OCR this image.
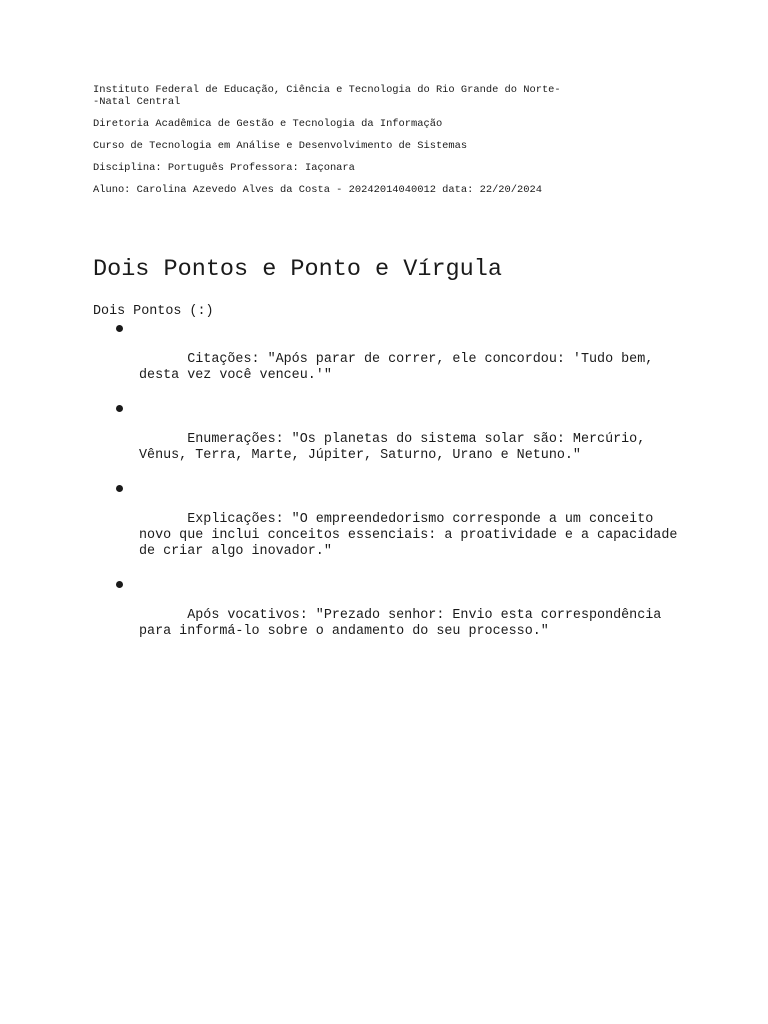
Instituto Federal de Educação, Ciência e Tecnologia do Rio Grande do Norte-

-Natal Central

Diretoria Acadêmica de Gestão e Tecnologia da Informação

Curso de Tecnologia em Análise e Desenvolvimento de Sistemas

Disciplina: Português Professora: Iaçonara

Aluno: Carolina Azevedo Alves da Costa - 20242014040012 data: 22/20/2024

Dois Pontos e Ponto e Vírgula

Dois Pontos (:)

Citações: "Após parar de correr, ele concordou: 'Tudo bem, desta vez você venceu.'"

Enumerações: "Os planetas do sistema solar são: Mercúrio, Vênus, Terra, Marte, Júpiter, Saturno, Urano e Netuno."

Explicações: "O empreendedorismo corresponde a um conceito novo que inclui conceitos essenciais: a proatividade e a capacidade de criar algo inovador."

Após vocativos: "Prezado senhor: Envio esta correspondência para informá-lo sobre o andamento do seu processo."
